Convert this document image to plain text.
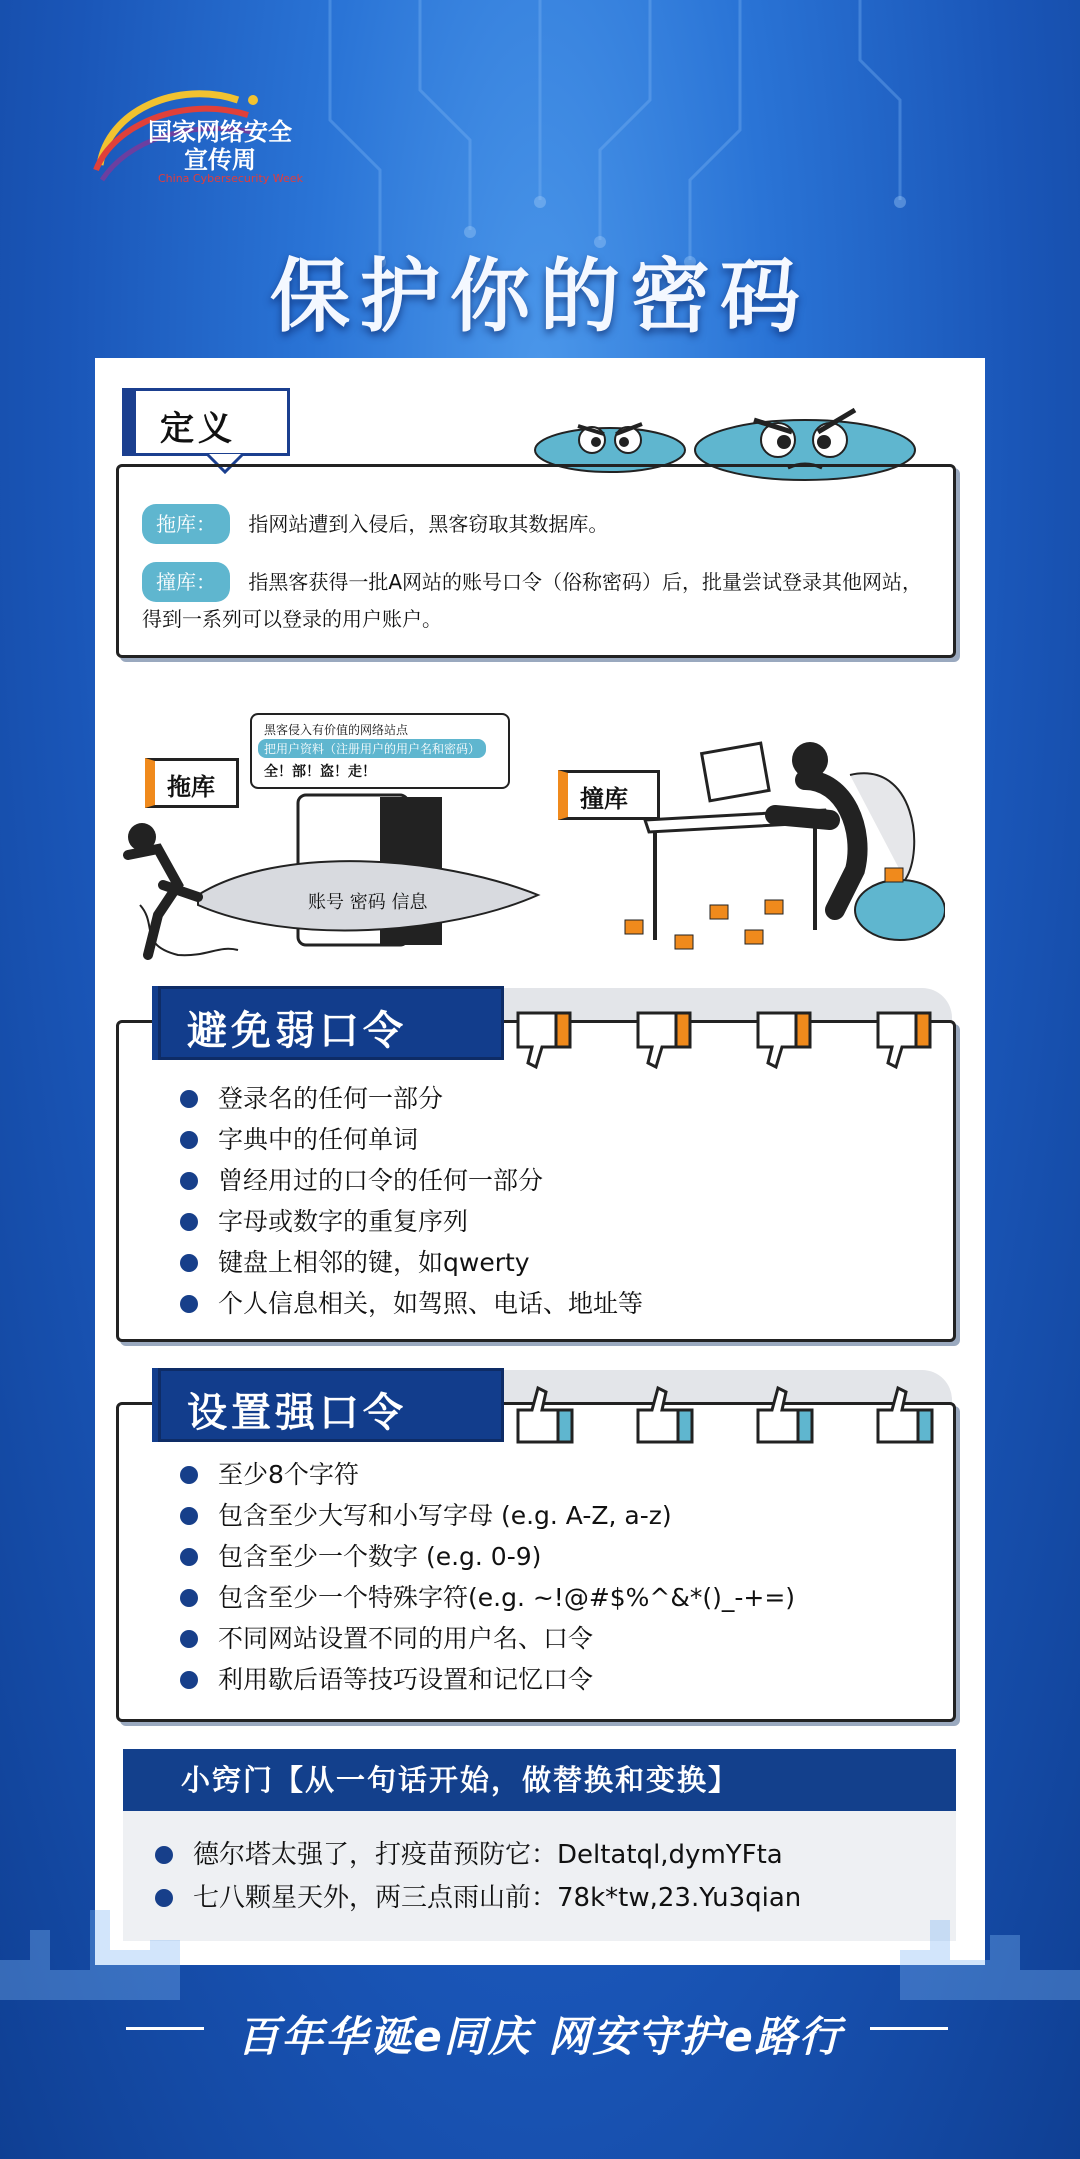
国家网络安全
宣传周
China Cybersecurity Week
保护你的密码
定义
拖库： 指网站遭到入侵后，黑客窃取其数据库。
撞库： 指黑客获得一批A网站的账号口令（俗称密码）后，批量尝试登录其他网站，得到一系列可以登录的用户账户。
拖库	撞库
黑客侵入有价值的网络站点
把用户资料（注册用户的用户名和密码）
全！部！盗！走！
账号 密码 信息
避免弱口令
登录名的任何一部分
字典中的任何单词
曾经用过的口令的任何一部分
字母或数字的重复序列
键盘上相邻的键，如qwerty
个人信息相关，如驾照、电话、地址等
设置强口令
至少8个字符
包含至少大写和小写字母 (e.g. A-Z, a-z)
包含至少一个数字 (e.g. 0-9)
包含至少一个特殊字符(e.g. ~!@#$%^&*()_-+=)
不同网站设置不同的用户名、口令
利用歇后语等技巧设置和记忆口令
小窍门【从一句话开始，做替换和变换】
德尔塔太强了，打疫苗预防它：Deltatql,dymYFta
七八颗星天外，两三点雨山前：78k*tw,23.Yu3qian
百年华诞e同庆 网安守护e路行
